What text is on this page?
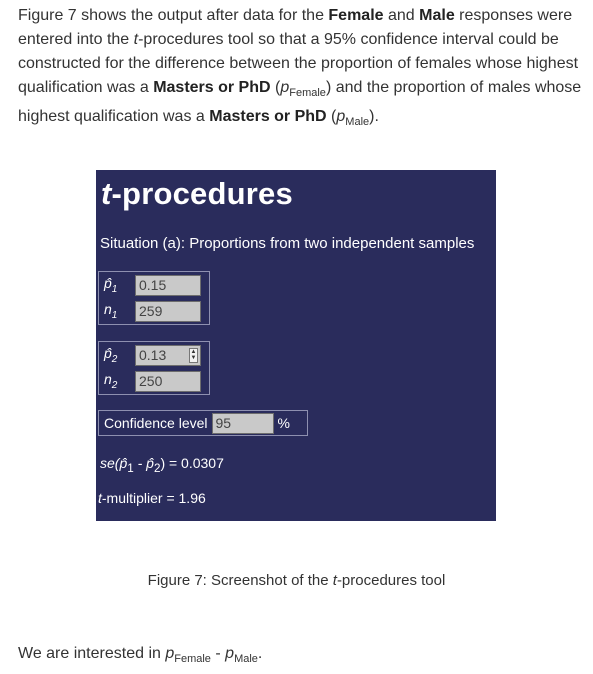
Figure 7 shows the output after data for the Female and Male responses were entered into the t-procedures tool so that a 95% confidence interval could be constructed for the difference between the proportion of females whose highest qualification was a Masters or PhD $(p_{Female})$ and the proportion of males whose highest qualification was a Masters or PhD $(p_{Male})$.
t-procedures
Situation (a): Proportions from two independent samples
$p̂_1$	0.15
$n_1$	259
$p̂_2$	0.13	▲
▼
$n_2$	250
Confidence level 95	%
$se(p̂_1$ - $p̂_2) = 0.0307$
t-multiplier = 1.96
Figure 7: Screenshot of the t-procedures tool
We are interested in $p_{Female} - p_{Male}$.
